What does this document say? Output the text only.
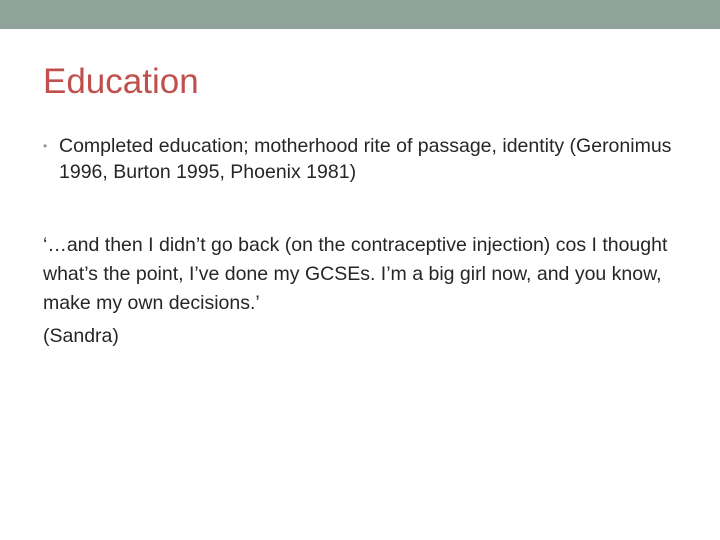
Education
• Completed education; motherhood rite of passage, identity (Geronimus 1996, Burton 1995, Phoenix 1981)

‘…and then I didn’t go back (on the contraceptive injection) cos I thought what’s the point, I’ve done my GCSEs. I’m a big girl now, and you know, make my own decisions.’

(Sandra)
